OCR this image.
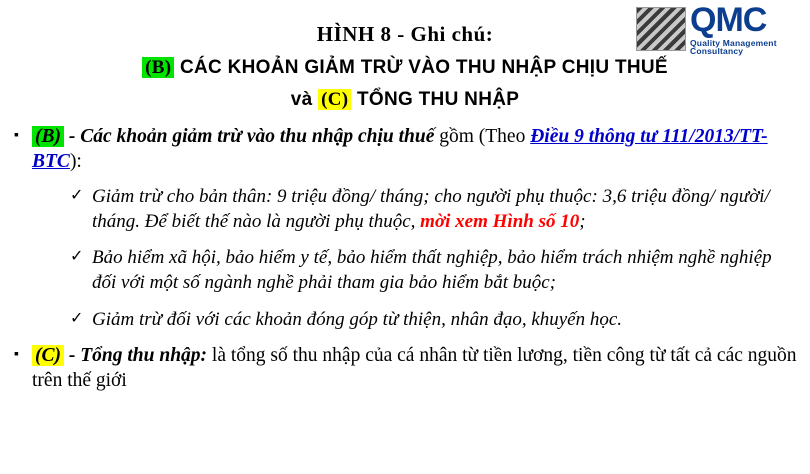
QMC
Quality Management Consultancy
HÌNH 8 - Ghi chú:
(B) CÁC KHOẢN GIẢM TRỪ VÀO THU NHẬP CHỊU THUẾ
và (C) TỔNG THU NHẬP
▪
(B) - Các khoản giảm trừ vào thu nhập chịu thuế gồm (Theo Điều 9 thông tư 111/2013/TT-BTC):
✓
Giảm trừ cho bản thân: 9 triệu đồng/ tháng; cho người phụ thuộc: 3,6 triệu đồng/ người/ tháng. Để biết thế nào là người phụ thuộc, mời xem Hình số 10;
✓
Bảo hiểm xã hội, bảo hiểm y tế, bảo hiểm thất nghiệp, bảo hiểm trách nhiệm nghề nghiệp đối với một số ngành nghề phải tham gia bảo hiểm bắt buộc;
✓
Giảm trừ đối với các khoản đóng góp từ thiện, nhân đạo, khuyến học.
▪
(C) - Tổng thu nhập: là tổng số thu nhập của cá nhân từ tiền lương, tiền công từ tất cả các nguồn trên thế giới
